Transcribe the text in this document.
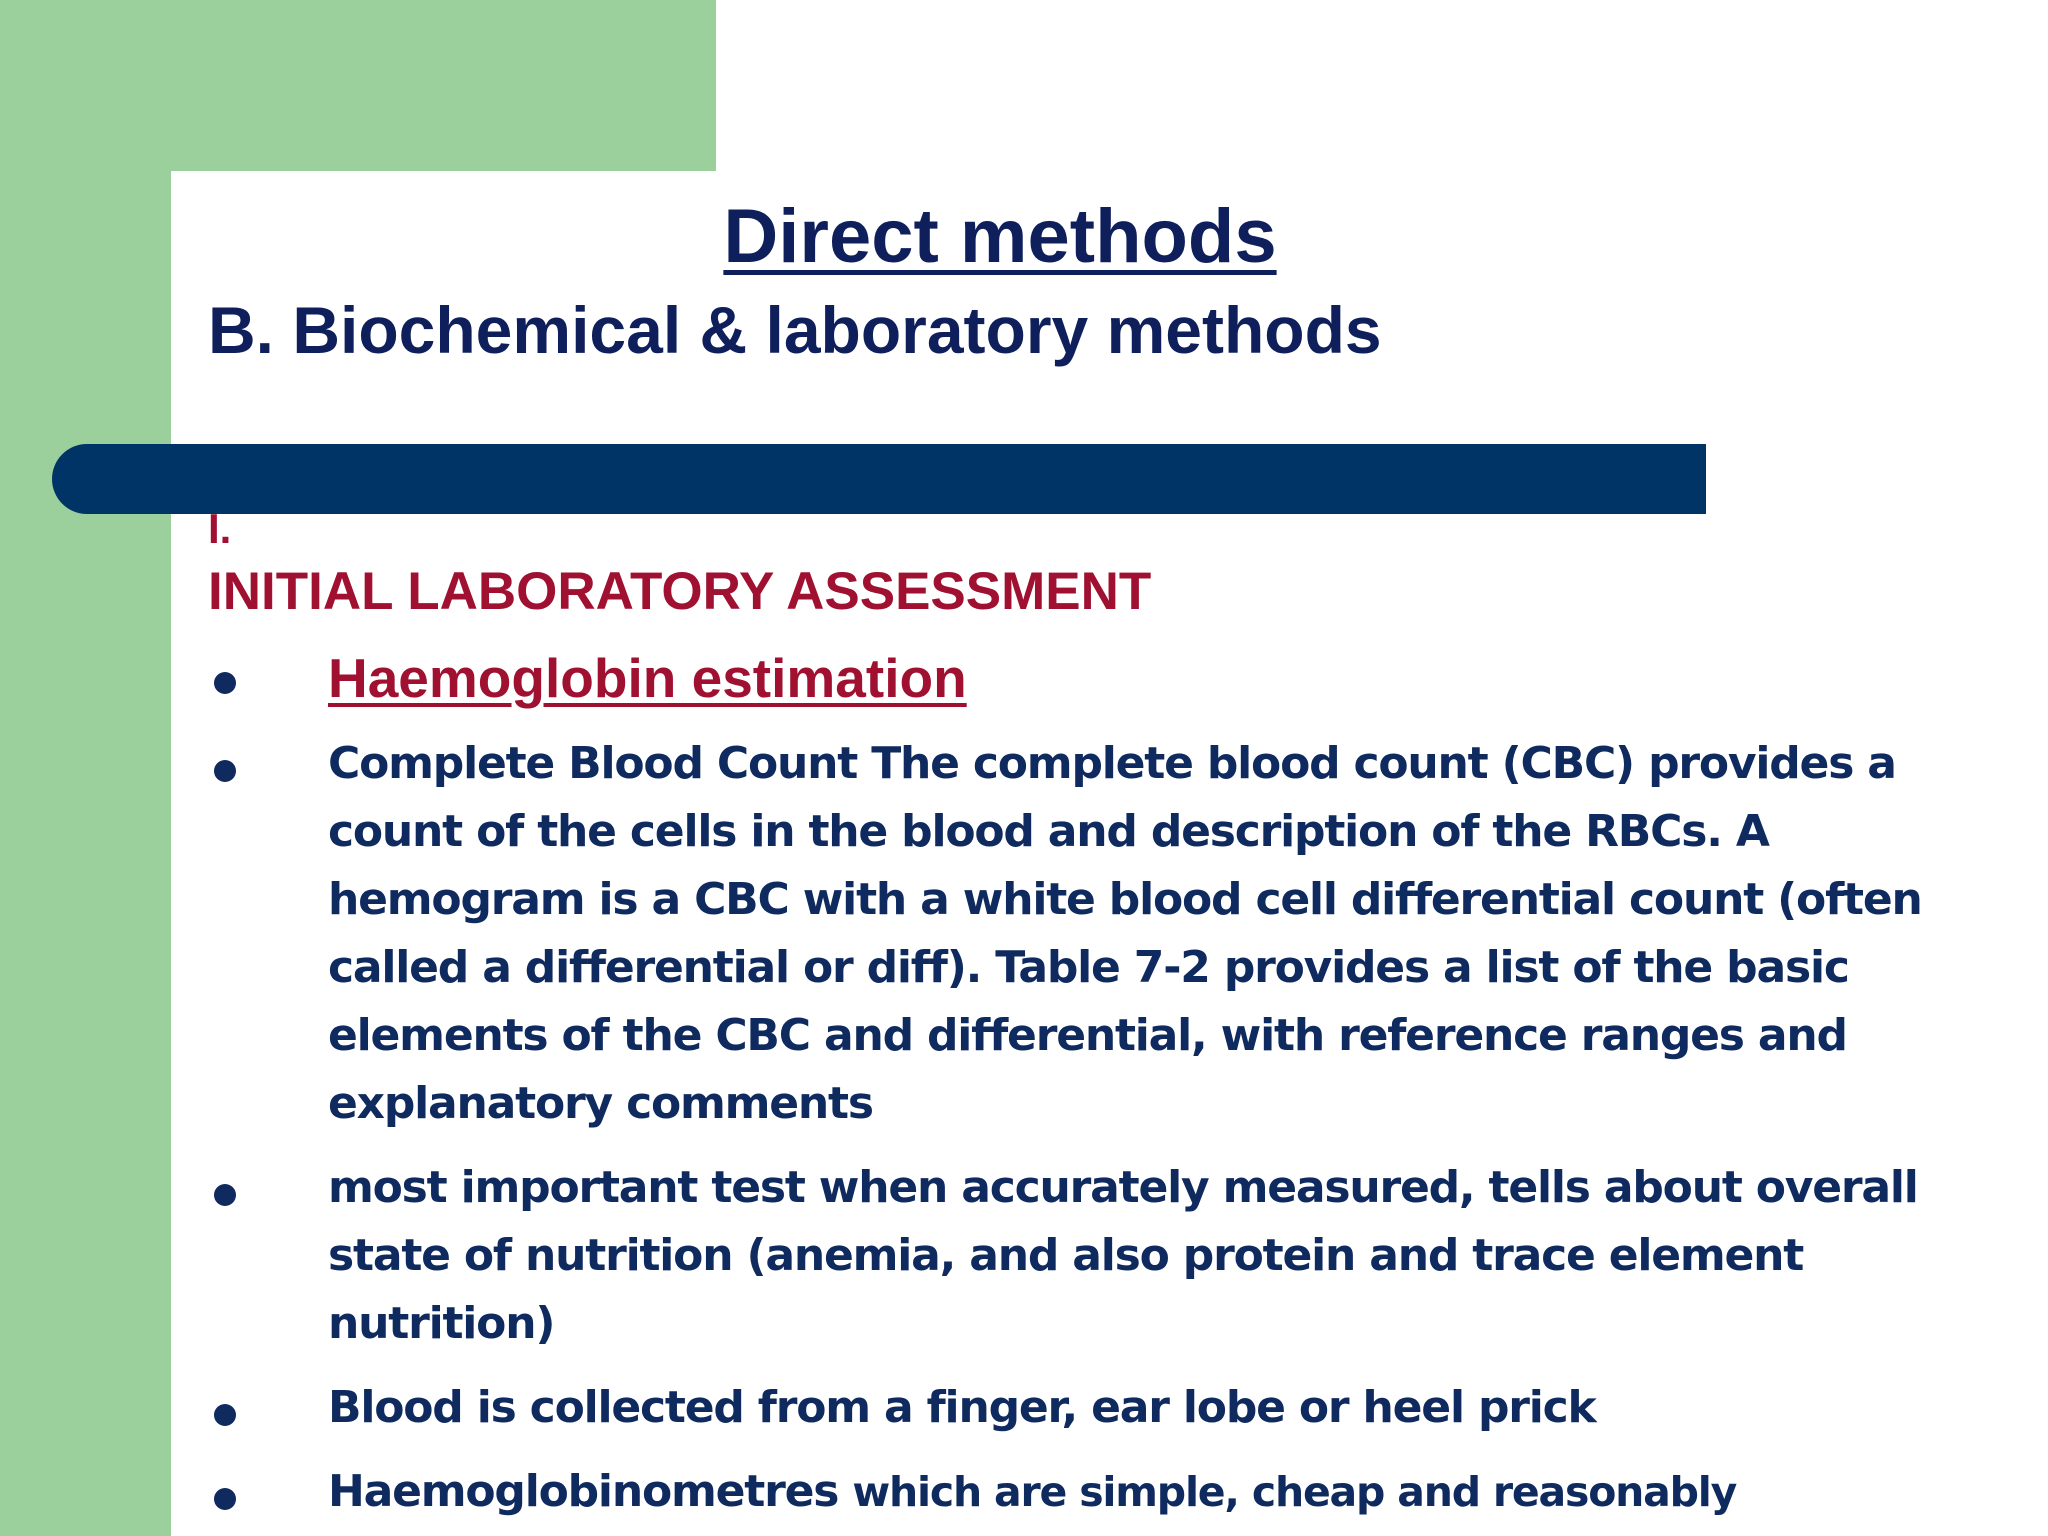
Direct methods
B. Biochemical & laboratory methods
I.
INITIAL LABORATORY ASSESSMENT
Haemoglobin estimation
Complete Blood Count The complete blood count (CBC) provides a count of the cells in the blood and description of the RBCs. A hemogram is a CBC with a white blood cell differential count (often called a differential or diff). Table 7-2 provides a list of the basic elements of the CBC and differential, with reference ranges and explanatory comments
most important test when accurately measured, tells about overall state of nutrition (anemia, and also protein and trace element nutrition)
Blood is collected from a finger, ear lobe or heel prick
Haemoglobinometres which are simple, cheap and reasonably
